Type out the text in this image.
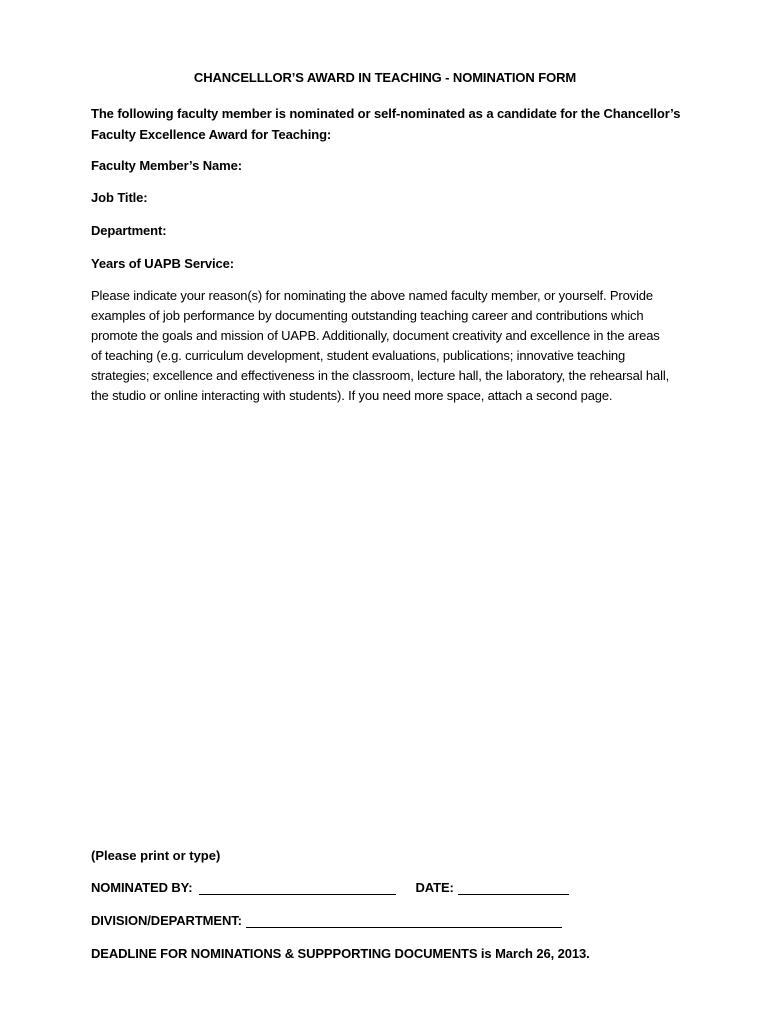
CHANCELLLOR’S AWARD IN TEACHING - NOMINATION FORM
The following faculty member is nominated or self-nominated as a candidate for the Chancellor’s
Faculty Excellence Award for Teaching:
Faculty Member’s Name:
Job Title:
Department:
Years of UAPB Service:
Please indicate your reason(s) for nominating the above named faculty member, or yourself. Provide
examples of job performance by documenting outstanding teaching career and contributions which
promote the goals and mission of UAPB. Additionally, document creativity and excellence in the areas
of teaching (e.g. curriculum development, student evaluations, publications; innovative teaching
strategies; excellence and effectiveness in the classroom, lecture hall, the laboratory, the rehearsal hall,
the studio or online interacting with students). If you need more space, attach a second page.
(Please print or type)
NOMINATED BY:	DATE:
DIVISION/DEPARTMENT:
DEADLINE FOR NOMINATIONS & SUPPPORTING DOCUMENTS is March 26, 2013.
